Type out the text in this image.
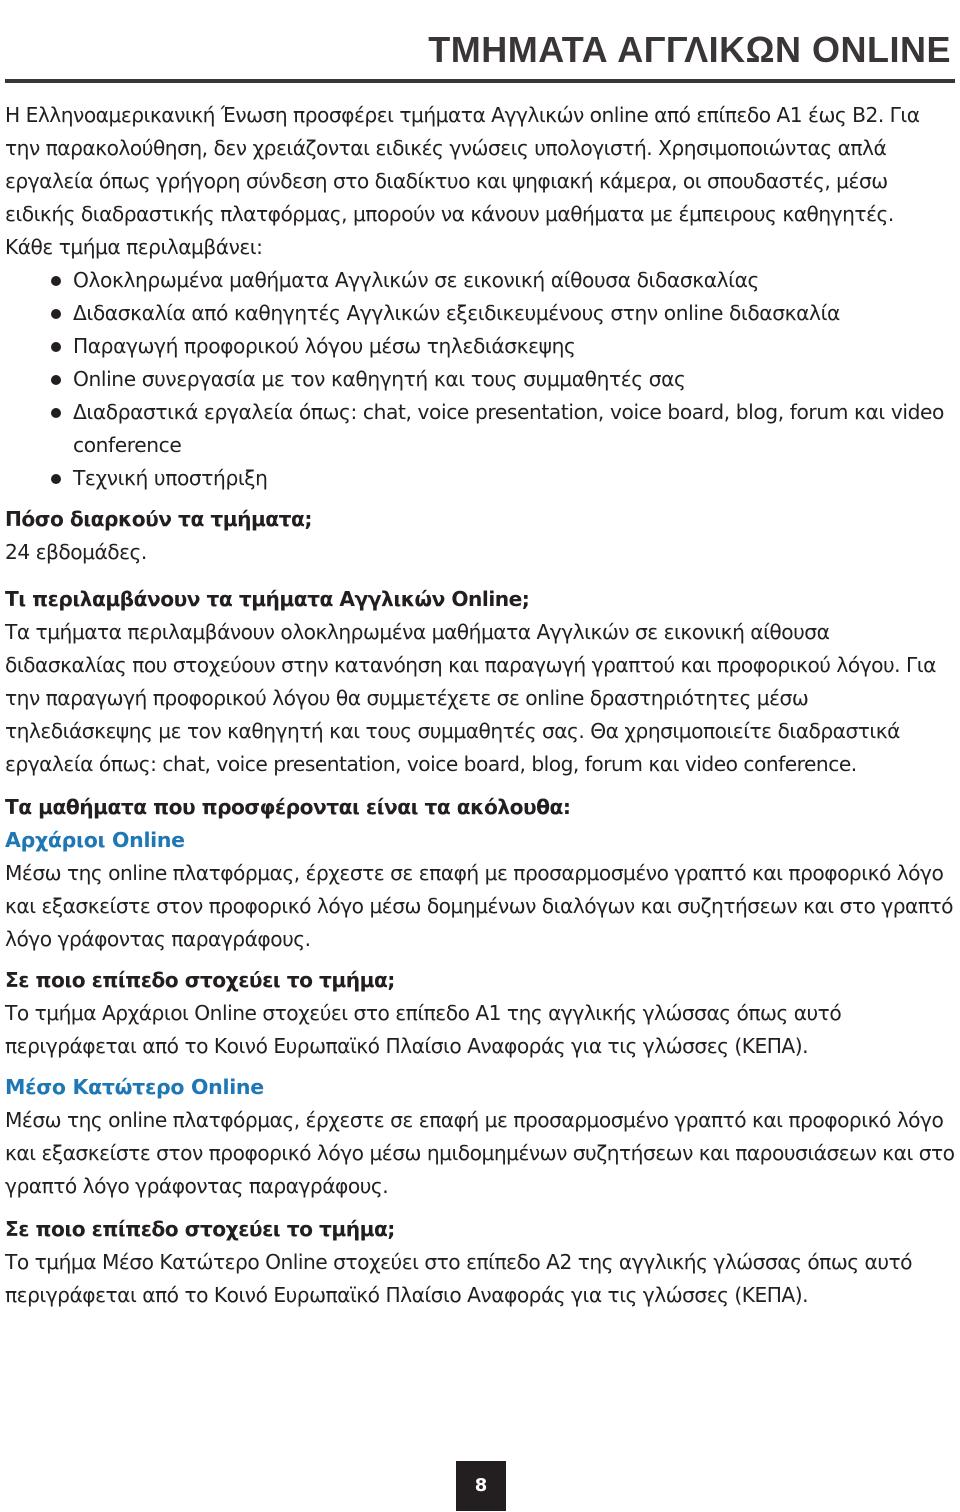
ΤΜΗΜΑΤΑ ΑΓΓΛΙΚΩΝ ONLINE

Η Ελληνοαμερικανική Ένωση προσφέρει τμήματα Αγγλικών online από επίπεδο A1 έως B2. Για την παρακολούθηση, δεν χρειάζονται ειδικές γνώσεις υπολογιστή. Χρησιμοποιώντας απλά εργαλεία όπως γρήγορη σύνδεση στο διαδίκτυο και ψηφιακή κάμερα, οι σπουδαστές, μέσω ειδικής διαδραστικής πλατφόρμας, μπορούν να κάνουν μαθήματα με έμπειρους καθηγητές.

Κάθε τμήμα περιλαμβάνει:

Ολοκληρωμένα μαθήματα Αγγλικών σε εικονική αίθουσα διδασκαλίας
Διδασκαλία από καθηγητές Αγγλικών εξειδικευμένους στην online διδασκαλία
Παραγωγή προφορικού λόγου μέσω τηλεδιάσκεψης
Online συνεργασία με τον καθηγητή και τους συμμαθητές σας
Διαδραστικά εργαλεία όπως: chat, voice presentation, voice board, blog, forum και video conference
Τεχνική υποστήριξη

Πόσο διαρκούν τα τμήματα;

24 εβδομάδες.

Τι περιλαμβάνουν τα τμήματα Αγγλικών Online;

Τα τμήματα περιλαμβάνουν ολοκληρωμένα μαθήματα Αγγλικών σε εικονική αίθουσα διδασκαλίας που στοχεύουν στην κατανόηση και παραγωγή γραπτού και προφορικού λόγου. Για την παραγωγή προφορικού λόγου θα συμμετέχετε σε online δραστηριότητες μέσω τηλεδιάσκεψης με τον καθηγητή και τους συμμαθητές σας. Θα χρησιμοποιείτε διαδραστικά εργαλεία όπως: chat, voice presentation, voice board, blog, forum και video conference.

Τα μαθήματα που προσφέρονται είναι τα ακόλουθα:

Αρχάριοι Online

Μέσω της online πλατφόρμας, έρχεστε σε επαφή με προσαρμοσμένο γραπτό και προφορικό λόγο και εξασκείστε στον προφορικό λόγο μέσω δομημένων διαλόγων και συζητήσεων και στο γραπτό λόγο γράφοντας παραγράφους.

Σε ποιο επίπεδο στοχεύει το τμήμα;

Το τμήμα Αρχάριοι Online στοχεύει στο επίπεδο A1 της αγγλικής γλώσσας όπως αυτό περιγράφεται από το Κοινό Ευρωπαϊκό Πλαίσιο Αναφοράς για τις γλώσσες (ΚΕΠΑ).

Μέσο Κατώτερο Online

Μέσω της online πλατφόρμας, έρχεστε σε επαφή με προσαρμοσμένο γραπτό και προφορικό λόγο και εξασκείστε στον προφορικό λόγο μέσω ημιδομημένων συζητήσεων και παρουσιάσεων και στο γραπτό λόγο γράφοντας παραγράφους.

Σε ποιο επίπεδο στοχεύει το τμήμα;

Το τμήμα Μέσο Κατώτερο Online στοχεύει στο επίπεδο A2 της αγγλικής γλώσσας όπως αυτό περιγράφεται από το Κοινό Ευρωπαϊκό Πλαίσιο Αναφοράς για τις γλώσσες (ΚΕΠΑ).

8
